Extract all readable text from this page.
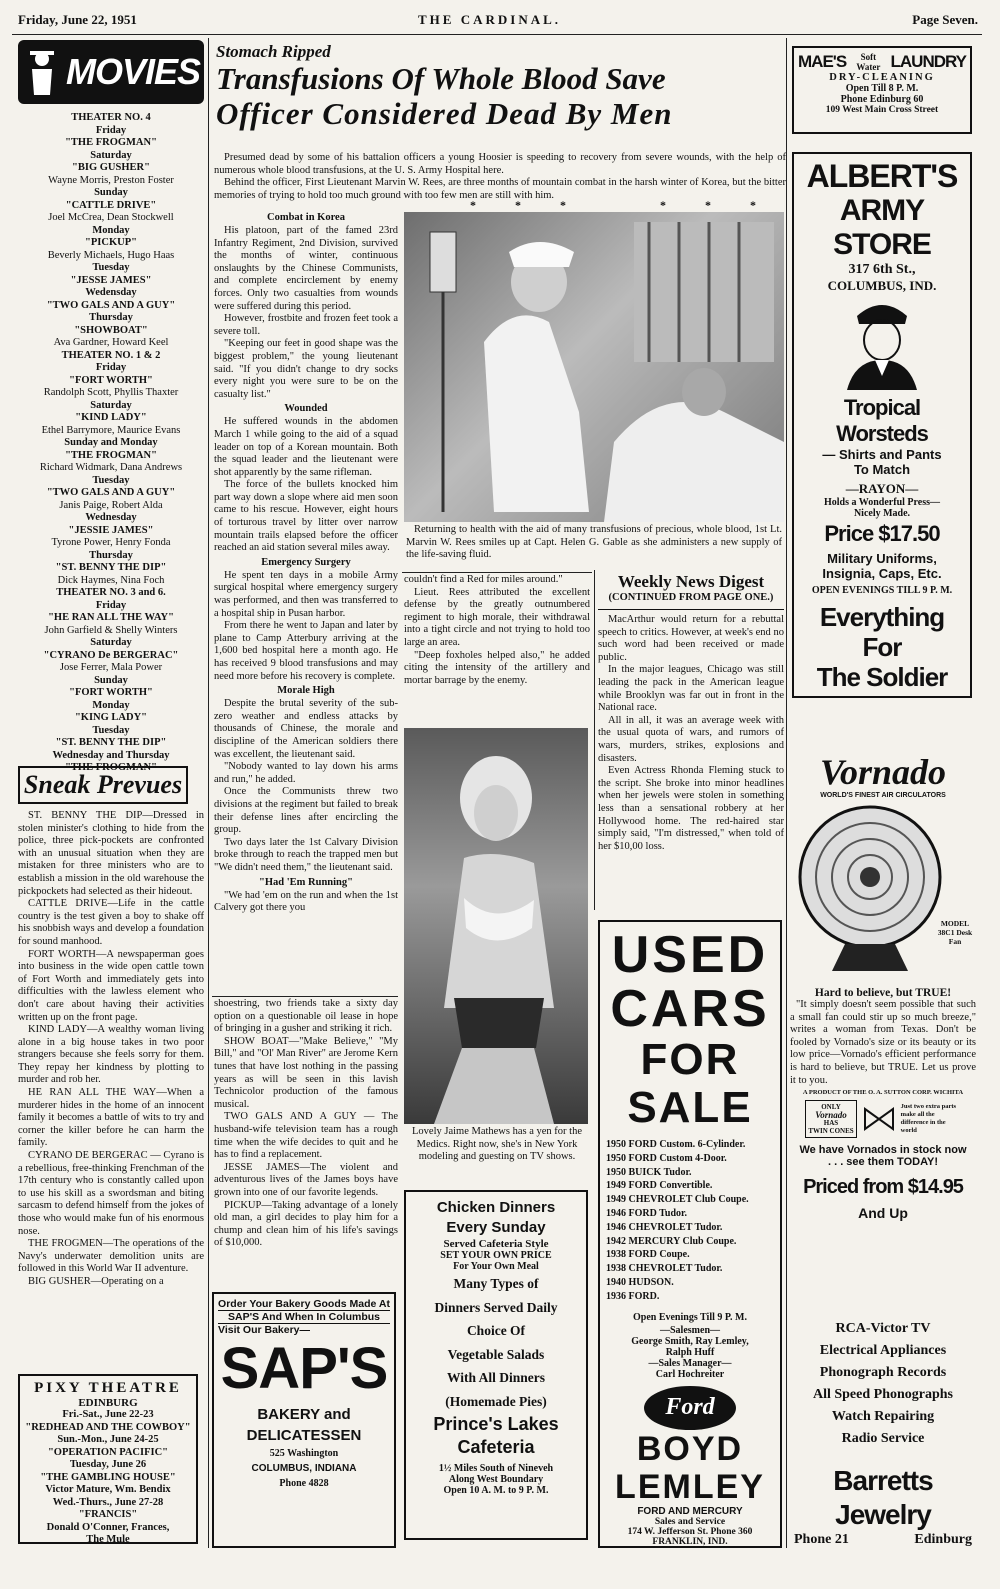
Friday, June 22, 1951	THE CARDINAL.	Page Seven.
MOVIES
THEATER NO. 4
Friday
"THE FROGMAN"
Saturday
"BIG GUSHER"
Wayne Morris, Preston Foster
Sunday
"CATTLE DRIVE"
Joel McCrea, Dean Stockwell
Monday
"PICKUP"
Beverly Michaels, Hugo Haas
Tuesday
"JESSE JAMES"
Wedensday
"TWO GALS AND A GUY"
Thursday
"SHOWBOAT"
Ava Gardner, Howard Keel
THEATER NO. 1 & 2
Friday
"FORT WORTH"
Randolph Scott, Phyllis Thaxter
Saturday
"KIND LADY"
Ethel Barrymore, Maurice Evans
Sunday and Monday
"THE FROGMAN"
Richard Widmark, Dana Andrews
Tuesday
"TWO GALS AND A GUY"
Janis Paige, Robert Alda
Wednesday
"JESSIE JAMES"
Tyrone Power, Henry Fonda
Thursday
"ST. BENNY THE DIP"
Dick Haymes, Nina Foch
THEATER NO. 3 and 6.
Friday
"HE RAN ALL THE WAY"
John Garfield & Shelly Winters
Saturday
"CYRANO De BERGERAC"
Jose Ferrer, Mala Power
Sunday
"FORT WORTH"
Monday
"KING LADY"
Tuesday
"ST. BENNY THE DIP"
Wednesday and Thursday
"THE FROGMAN"
Sneak Prevues

ST. BENNY THE DIP—Dressed in stolen minister's clothing to hide from the police, three pick-pockets are confronted with an unusual situation when they are mistaken for three ministers who are to establish a mission in the old warehouse the pickpockets had selected as their hideout.

CATTLE DRIVE—Life in the cattle country is the test given a boy to shake off his snobbish ways and develop a foundation for sound manhood.

FORT WORTH—A newspaperman goes into business in the wide open cattle town of Fort Worth and immediately gets into difficulties with the lawless element who don't care about having their activities written up on the front page.

KIND LADY—A wealthy woman living alone in a big house takes in two poor strangers because she feels sorry for them. They repay her kindness by plotting to murder and rob her.

HE RAN ALL THE WAY—When a murderer hides in the home of an innocent family it becomes a battle of wits to try and corner the killer before he can harm the family.

CYRANO DE BERGERAC — Cyrano is a rebellious, free-thinking Frenchman of the 17th century who is constantly called upon to use his skill as a swordsman and biting sarcasm to defend himself from the jokes of those who would make fun of his enormous nose.

THE FROGMEN—The operations of the Navy's underwater demolition units are followed in this World War II adventure.

BIG GUSHER—Operating on a

PIXY THEATRE
EDINBURG
Fri.-Sat., June 22-23
"REDHEAD AND THE COWBOY"
Sun.-Mon., June 24-25
"OPERATION PACIFIC"
Tuesday, June 26
"THE GAMBLING HOUSE"
Victor Mature, Wm. Bendix
Wed.-Thurs., June 27-28
"FRANCIS"
Donald O'Conner, Frances,
The Mule
Stomach Ripped
Transfusions Of Whole Blood Save
Officer Considered Dead By Men

Presumed dead by some of his battalion officers a young Hoosier is speeding to recovery from severe wounds, with the help of numerous whole blood transfusions, at the U. S. Army Hospital here.

Behind the officer, First Lieutenant Marvin W. Rees, are three months of mountain combat in the harsh winter of Korea, but the bitter memories of trying to hold too much ground with too few men are still with him.

* * *	* * *
Combat in Korea

His platoon, part of the famed 23rd Infantry Regiment, 2nd Division, survived the months of winter, continuous onslaughts by the Chinese Communists, and complete encirclement by enemy forces. Only two casualties from wounds were suffered during this period.

However, frostbite and frozen feet took a severe toll.

"Keeping our feet in good shape was the biggest problem," the young lieutenant said. "If you didn't change to dry socks every night you were sure to be on the casualty list."

Wounded

He suffered wounds in the abdomen March 1 while going to the aid of a squad leader on top of a Korean mountain. Both the squad leader and the lieutenant were shot apparently by the same rifleman.

The force of the bullets knocked him part way down a slope where aid men soon came to his rescue. However, eight hours of torturous travel by litter over narrow mountain trails elapsed before the officer reached an aid station several miles away.

Emergency Surgery

He spent ten days in a mobile Army surgical hospital where emergency surgery was performed, and then was transferred to a hospital ship in Pusan harbor.

From there he went to Japan and later by plane to Camp Atterbury arriving at the 1,600 bed hospital here a month ago. He has received 9 blood transfusions and may need more before his recovery is complete.

Morale High

Despite the brutal severity of the sub-zero weather and endless attacks by thousands of Chinese, the morale and discipline of the American soldiers there was excellent, the lieutenant said.

"Nobody wanted to lay down his arms and run," he added.

Once the Communists threw two divisions at the regiment but failed to break their defense lines after encircling the group.

Two days later the 1st Calvary Division broke through to reach the trapped men but "We didn't need them," the lieutenant said.

"Had 'Em Running"

"We had 'em on the run and when the 1st Calvery got there you

Returning to health with the aid of many transfusions of precious, whole blood, 1st Lt. Marvin W. Rees smiles up at Capt. Helen G. Gable as she administers a new supply of the life-saving fluid.

couldn't find a Red for miles around."

Lieut. Rees attributed the excellent defense by the greatly outnumbered regiment to high morale, their withdrawal into a tight circle and not trying to hold too large an area.

"Deep foxholes helped also," he added citing the intensity of the artillery and mortar barrage by the enemy.

Lovely Jaime Mathews has a yen for the Medics. Right now, she's in New York modeling and guesting on TV shows.

shoestring, two friends take a sixty day option on a questionable oil lease in hope of bringing in a gusher and striking it rich.

SHOW BOAT—"Make Believe," "My Bill," and "Ol' Man River" are Jerome Kern tunes that have lost nothing in the passing years as will be seen in this lavish Technicolor production of the famous musical.

TWO GALS AND A GUY — The husband-wife television team has a rough time when the wife decides to quit and he has to find a replacement.

JESSE JAMES—The violent and adventurous lives of the James boys have grown into one of our favorite legends.

PICKUP—Taking advantage of a lonely old man, a girl decides to play him for a chump and clean him of his life's savings of $10,000.

Order Your Bakery Goods Made At
SAP'S And When In Columbus
Visit Our Bakery—
SAP'S
BAKERY and
DELICATESSEN
525 Washington
COLUMBUS, INDIANA
Phone 4828
Chicken Dinners
Every Sunday
Served Cafeteria Style
SET YOUR OWN PRICE
For Your Own Meal
Many Types of
Dinners Served Daily
Choice Of
Vegetable Salads
With All Dinners
(Homemade Pies)
Prince's Lakes
Cafeteria
1½ Miles South of Nineveh
Along West Boundary
Open 10 A. M. to 9 P. M.
Weekly News Digest
(CONTINUED FROM PAGE ONE.)

MacArthur would return for a rebuttal speech to critics. However, at week's end no such word had been received or made public.

In the major leagues, Chicago was still leading the pack in the American league while Brooklyn was far out in front in the National race.

All in all, it was an average week with the usual quota of wars, and rumors of wars, murders, strikes, explosions and disasters.

Even Actress Rhonda Fleming stuck to the script. She broke into minor headlines when her jewels were stolen in something less than a sensational robbery at her Hollywood home. The red-haired star simply said, "I'm distressed," when told of her $10,00 loss.

USED
CARS
FOR
SALE
1950 FORD Custom. 6-Cylinder.
1950 FORD Custom 4-Door.
1950 BUICK Tudor.
1949 FORD Convertible.
1949 CHEVROLET Club Coupe.
1946 FORD Tudor.
1946 CHEVROLET Tudor.
1942 MERCURY Club Coupe.
1938 FORD Coupe.
1938 CHEVROLET Tudor.
1940 HUDSON.
1936 FORD.
Open Evenings Till 9 P. M.
—Salesmen—
George Smith, Ray Lemley,
Ralph Huff
—Sales Manager—
Carl Hochreiter
Ford
BOYD
LEMLEY
FORD AND MERCURY
Sales and Service
174 W. Jefferson St. Phone 360
FRANKLIN, IND.
MAE'S	Soft
Water LAUNDRY
DRY-CLEANING
Open Till 8 P. M.
Phone Edinburg 60
109 West Main Cross Street
ALBERT'S
ARMY STORE
317 6th St.,
COLUMBUS, IND.
Tropical
Worsteds
— Shirts and Pants
To Match
—RAYON—
Holds a Wonderful Press—
Nicely Made.
Price $17.50
Military Uniforms,
Insignia, Caps, Etc.
OPEN EVENINGS TILL 9 P. M.
Everything For
The Soldier
Vornado
WORLD'S FINEST AIR CIRCULATORS
MODEL 38C1 Desk Fan
Hard to believe, but TRUE!

"It simply doesn't seem possible that such a small fan could stir up so much breeze," writes a woman from Texas. Don't be fooled by Vornado's size or its beauty or its low price—Vornado's efficient performance is hard to believe, but TRUE. Let us prove it to you.

A PRODUCT OF THE O. A. SUTTON CORP. WICHITA
ONLY
Vornado
HAS
TWIN CONES
Just two extra parts make all the difference in the world
We have Vornados in stock now
. . . see them TODAY!
Priced from $14.95
And Up
RCA-Victor TV
Electrical Appliances
Phonograph Records
All Speed Phonographs
Watch Repairing
Radio Service
Barretts Jewelry
Phone 21	Edinburg
